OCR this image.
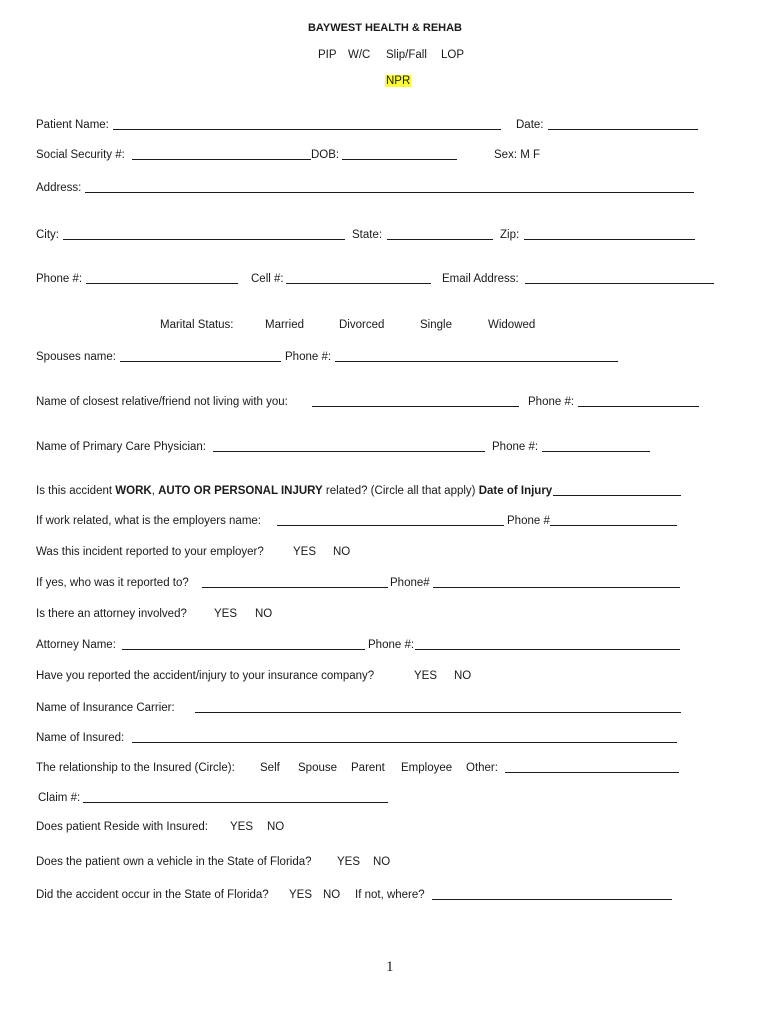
BAYWEST HEALTH & REHAB
PIP W/C Slip/Fall LOP
NPR
Patient Name:	Date:
Social Security #:	DOB:	Sex: M F
Address:
City:	State:	Zip:
Phone #:	Cell #:	Email Address:
Marital Status:	Married	Divorced	Single	Widowed
Spouses name:	Phone #:
Name of closest relative/friend not living with you:	Phone #:
Name of Primary Care Physician:	Phone #:
Is this accident WORK, AUTO OR PERSONAL INJURY related? (Circle all that apply) Date of Injury
If work related, what is the employers name:	Phone #
Was this incident reported to your employer?	YES NO
If yes, who was it reported to?	Phone#
Is there an attorney involved? YES NO
Attorney Name:	Phone #:
Have you reported the accident/injury to your insurance company?	YES NO
Name of Insurance Carrier:
Name of Insured:
The relationship to the Insured (Circle): Self Spouse Parent Employee Other:
Claim #:
Does patient Reside with Insured: YES NO
Does the patient own a vehicle in the State of Florida? YES NO
Did the accident occur in the State of Florida? YES NO If not, where?
1
